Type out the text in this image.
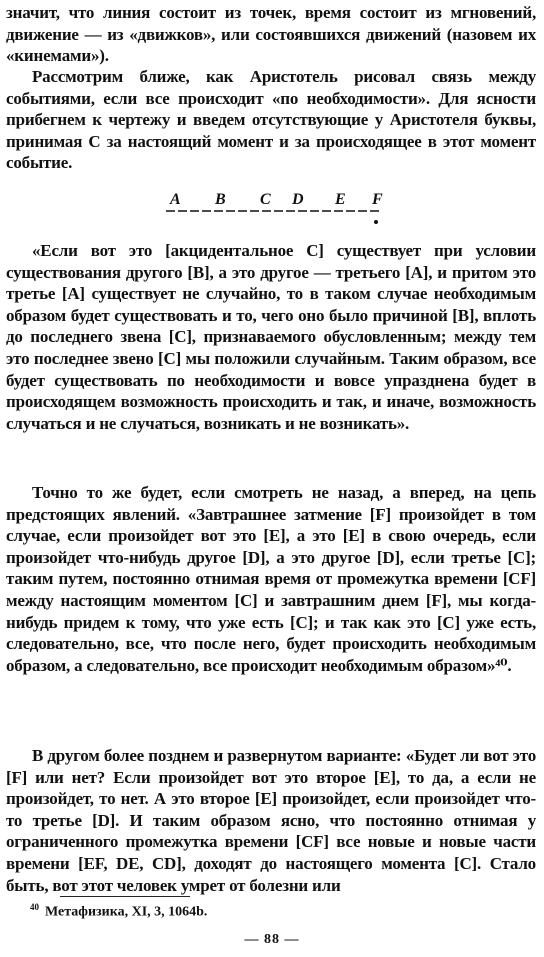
значит, что линия состоит из точек, время состоит из мгновений, движение — из «движков», или состоявшихся движений (назовем их «кинемами»).

Рассмотрим ближе, как Аристотель рисовал связь между событиями, если все происходит «по необходимости». Для ясности прибегнем к чертежу и введем отсутствующие у Аристотеля буквы, принимая C за настоящий момент и за происходящее в этот момент событие.

A B C D E F

«Если вот это [акцидентальное C] существует при условии существования другого [B], а это другое — третьего [A], и притом это третье [A] существует не случайно, то в таком случае необходимым образом будет существовать и то, чего оно было причиной [B], вплоть до последнего звена [C], признаваемого обусловленным; между тем это последнее звено [C] мы положили случайным. Таким образом, все будет существовать по необходимости и вовсе упразднена будет в происходящем возможность происходить и так, и иначе, возможность случаться и не случаться, возникать и не возникать».

Точно то же будет, если смотреть не назад, а вперед, на цепь предстоящих явлений. «Завтрашнее затмение [F] произойдет в том случае, если произойдет вот это [E], а это [E] в свою очередь, если произойдет что-нибудь другое [D], а это другое [D], если третье [C]; таким путем, постоянно отнимая время от промежутка времени [CF] между настоящим моментом [C] и завтрашним днем [F], мы когда-нибудь придем к тому, что уже есть [C]; и так как это [C] уже есть, следовательно, все, что после него, будет происходить необходимым образом, а следовательно, все происходит необходимым образом»⁴⁰.

В другом более позднем и развернутом варианте: «Будет ли вот это [F] или нет? Если произойдет вот это второе [E], то да, а если не произойдет, то нет. А это второе [E] произойдет, если произойдет что-то третье [D]. И таким образом ясно, что постоянно отнимая у ограниченного промежутка времени [CF] все новые и новые части времени [EF, DE, CD], доходят до настоящего момента [C]. Стало быть, вот этот человек умрет от болезни или

$^{40}$ Метафизика, XI, 3, 1064b.
— 88 —
